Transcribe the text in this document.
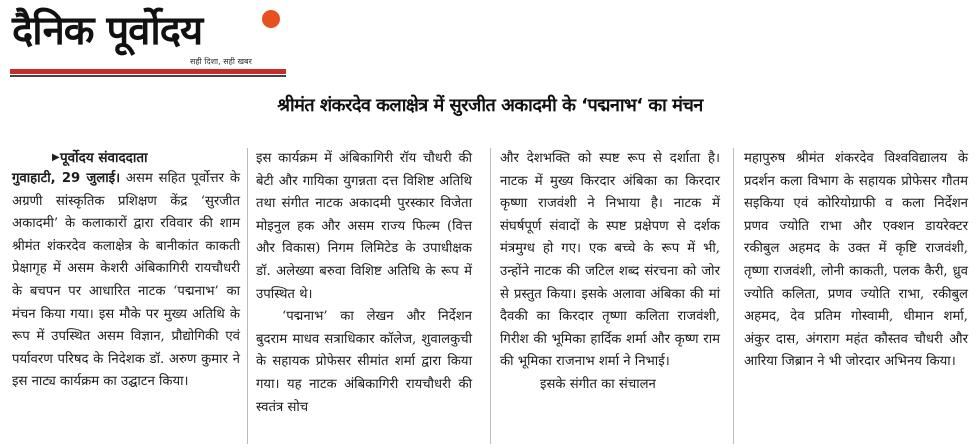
दैनिक पूर्वोदय
सही दिशा, सही खबर
श्रीमंत शंकरदेव कलाक्षेत्र में सुरजीत अकादमी के ‘पद्मनाभ‘ का मंचन
▶ पूर्वोदय संवाददाता

गुवाहाटी, 29 जुलाई। असम सहित पूर्वोत्तर के अग्रणी सांस्कृतिक प्रशिक्षण केंद्र ‘सुरजीत अकादमी’ के कलाकारों द्वारा रविवार की शाम श्रीमंत शंकरदेव कलाक्षेत्र के बानीकांत काकती प्रेक्षागृह में असम केशरी अंबिकागिरी रायचौधरी के बचपन पर आधारित नाटक ‘पद्मनाभ’ का मंचन किया गया। इस मौके पर मुख्य अतिथि के रूप में उपस्थित असम विज्ञान, प्रौद्योगिकी एवं पर्यावरण परिषद के निदेशक डॉ. अरुण कुमार ने इस नाट्य कार्यक्रम का उद्घाटन किया।

इस कार्यक्रम में अंबिकागिरी रॉय चौधरी की बेटी और गायिका युगन्नता दत्त विशिष्ट अतिथि तथा संगीत नाटक अकादमी पुरस्कार विजेता मोइनुल हक और असम राज्य फिल्म (वित्त और विकास) निगम लिमिटेड के उपाधीक्षक डॉ. अलेख्या बरुवा विशिष्ट अतिथि के रूप में उपस्थित थे।

‘पद्मनाभ’ का लेखन और निर्देशन बुदराम माधव सत्राधिकार कॉलेज, शुवालकुची के सहायक प्रोफेसर सीमांत शर्मा द्वारा किया गया। यह नाटक अंबिकागिरी रायचौधरी की स्वतंत्र सोच

और देशभक्ति को स्पष्ट रूप से दर्शाता है। नाटक में मुख्य किरदार अंबिका का किरदार कृष्णा राजवंशी ने निभाया है। नाटक में संघर्षपूर्ण संवादों के स्पष्ट प्रक्षेपण से दर्शक मंत्रमुग्ध हो गए। एक बच्चे के रूप में भी, उन्होंने नाटक की जटिल शब्द संरचना को जोर से प्रस्तुत किया। इसके अलावा अंबिका की मां दैवकी का किरदार तृष्णा कलिता राजवंशी, गिरीश की भूमिका हार्दिक शर्मा और कृष्ण राम की भूमिका राजनाभ शर्मा ने निभाई।

इसके संगीत का संचालन

महापुरुष श्रीमंत शंकरदेव विश्वविद्यालय के प्रदर्शन कला विभाग के सहायक प्रोफेसर गौतम सइकिया एवं कोरियोग्राफी व कला निर्देशन प्रणव ज्योति राभा और एक्शन डायरेक्टर रकीबुल अहमद के उक्त में कृष्टि राजवंशी, तृष्णा राजवंशी, लोनी काकती, पलक कैरी, ध्रुव ज्योति कलिता, प्रणव ज्योति राभा, रकीबुल अहमद, देव प्रतिम गोस्वामी, धीमान शर्मा, अंकुर दास, अंगराग महंत कौस्तव चौधरी और आरिया जिब्रान ने भी जोरदार अभिनय किया।
